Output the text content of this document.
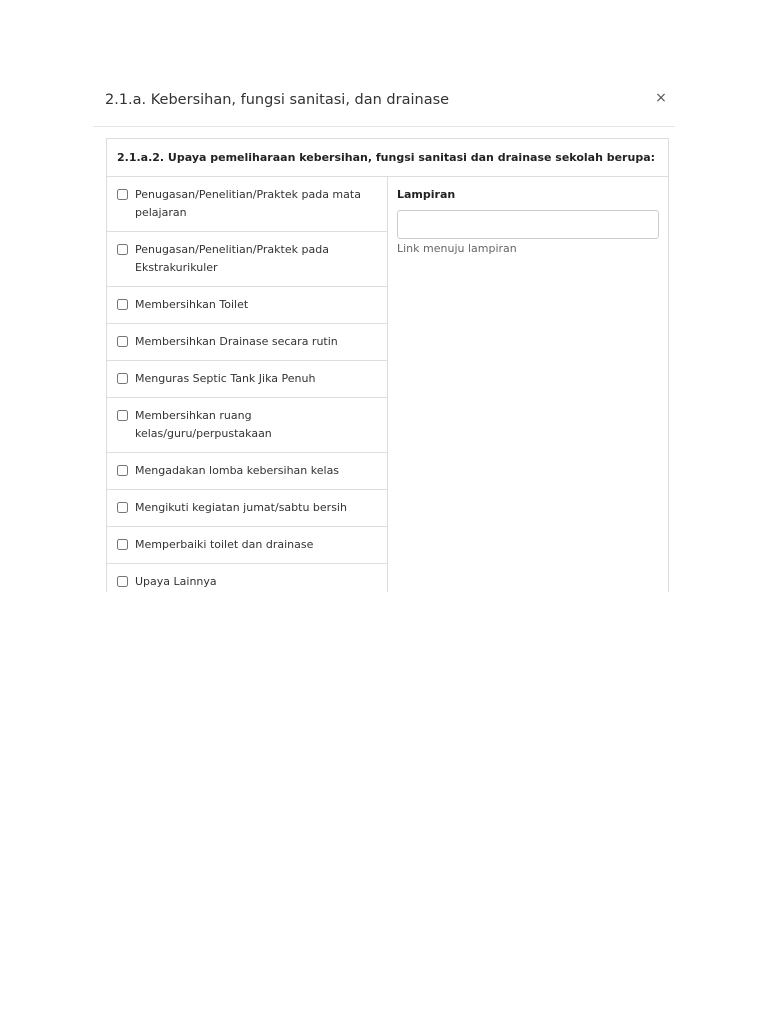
2.1.a. Kebersihan, fungsi sanitasi, dan drainase	×
2.1.a.2. Upaya pemeliharaan kebersihan, fungsi sanitasi dan drainase sekolah berupa:
Penugasan/Penelitian/Praktek pada mata pelajaran
Penugasan/Penelitian/Praktek pada Ekstrakurikuler
Membersihkan Toilet
Membersihkan Drainase secara rutin
Menguras Septic Tank Jika Penuh
Membersihkan ruang kelas/guru/perpustakaan
Mengadakan lomba kebersihan kelas
Mengikuti kegiatan jumat/sabtu bersih
Memperbaiki toilet dan drainase
Upaya Lainnya
Lampiran
Link menuju lampiran
